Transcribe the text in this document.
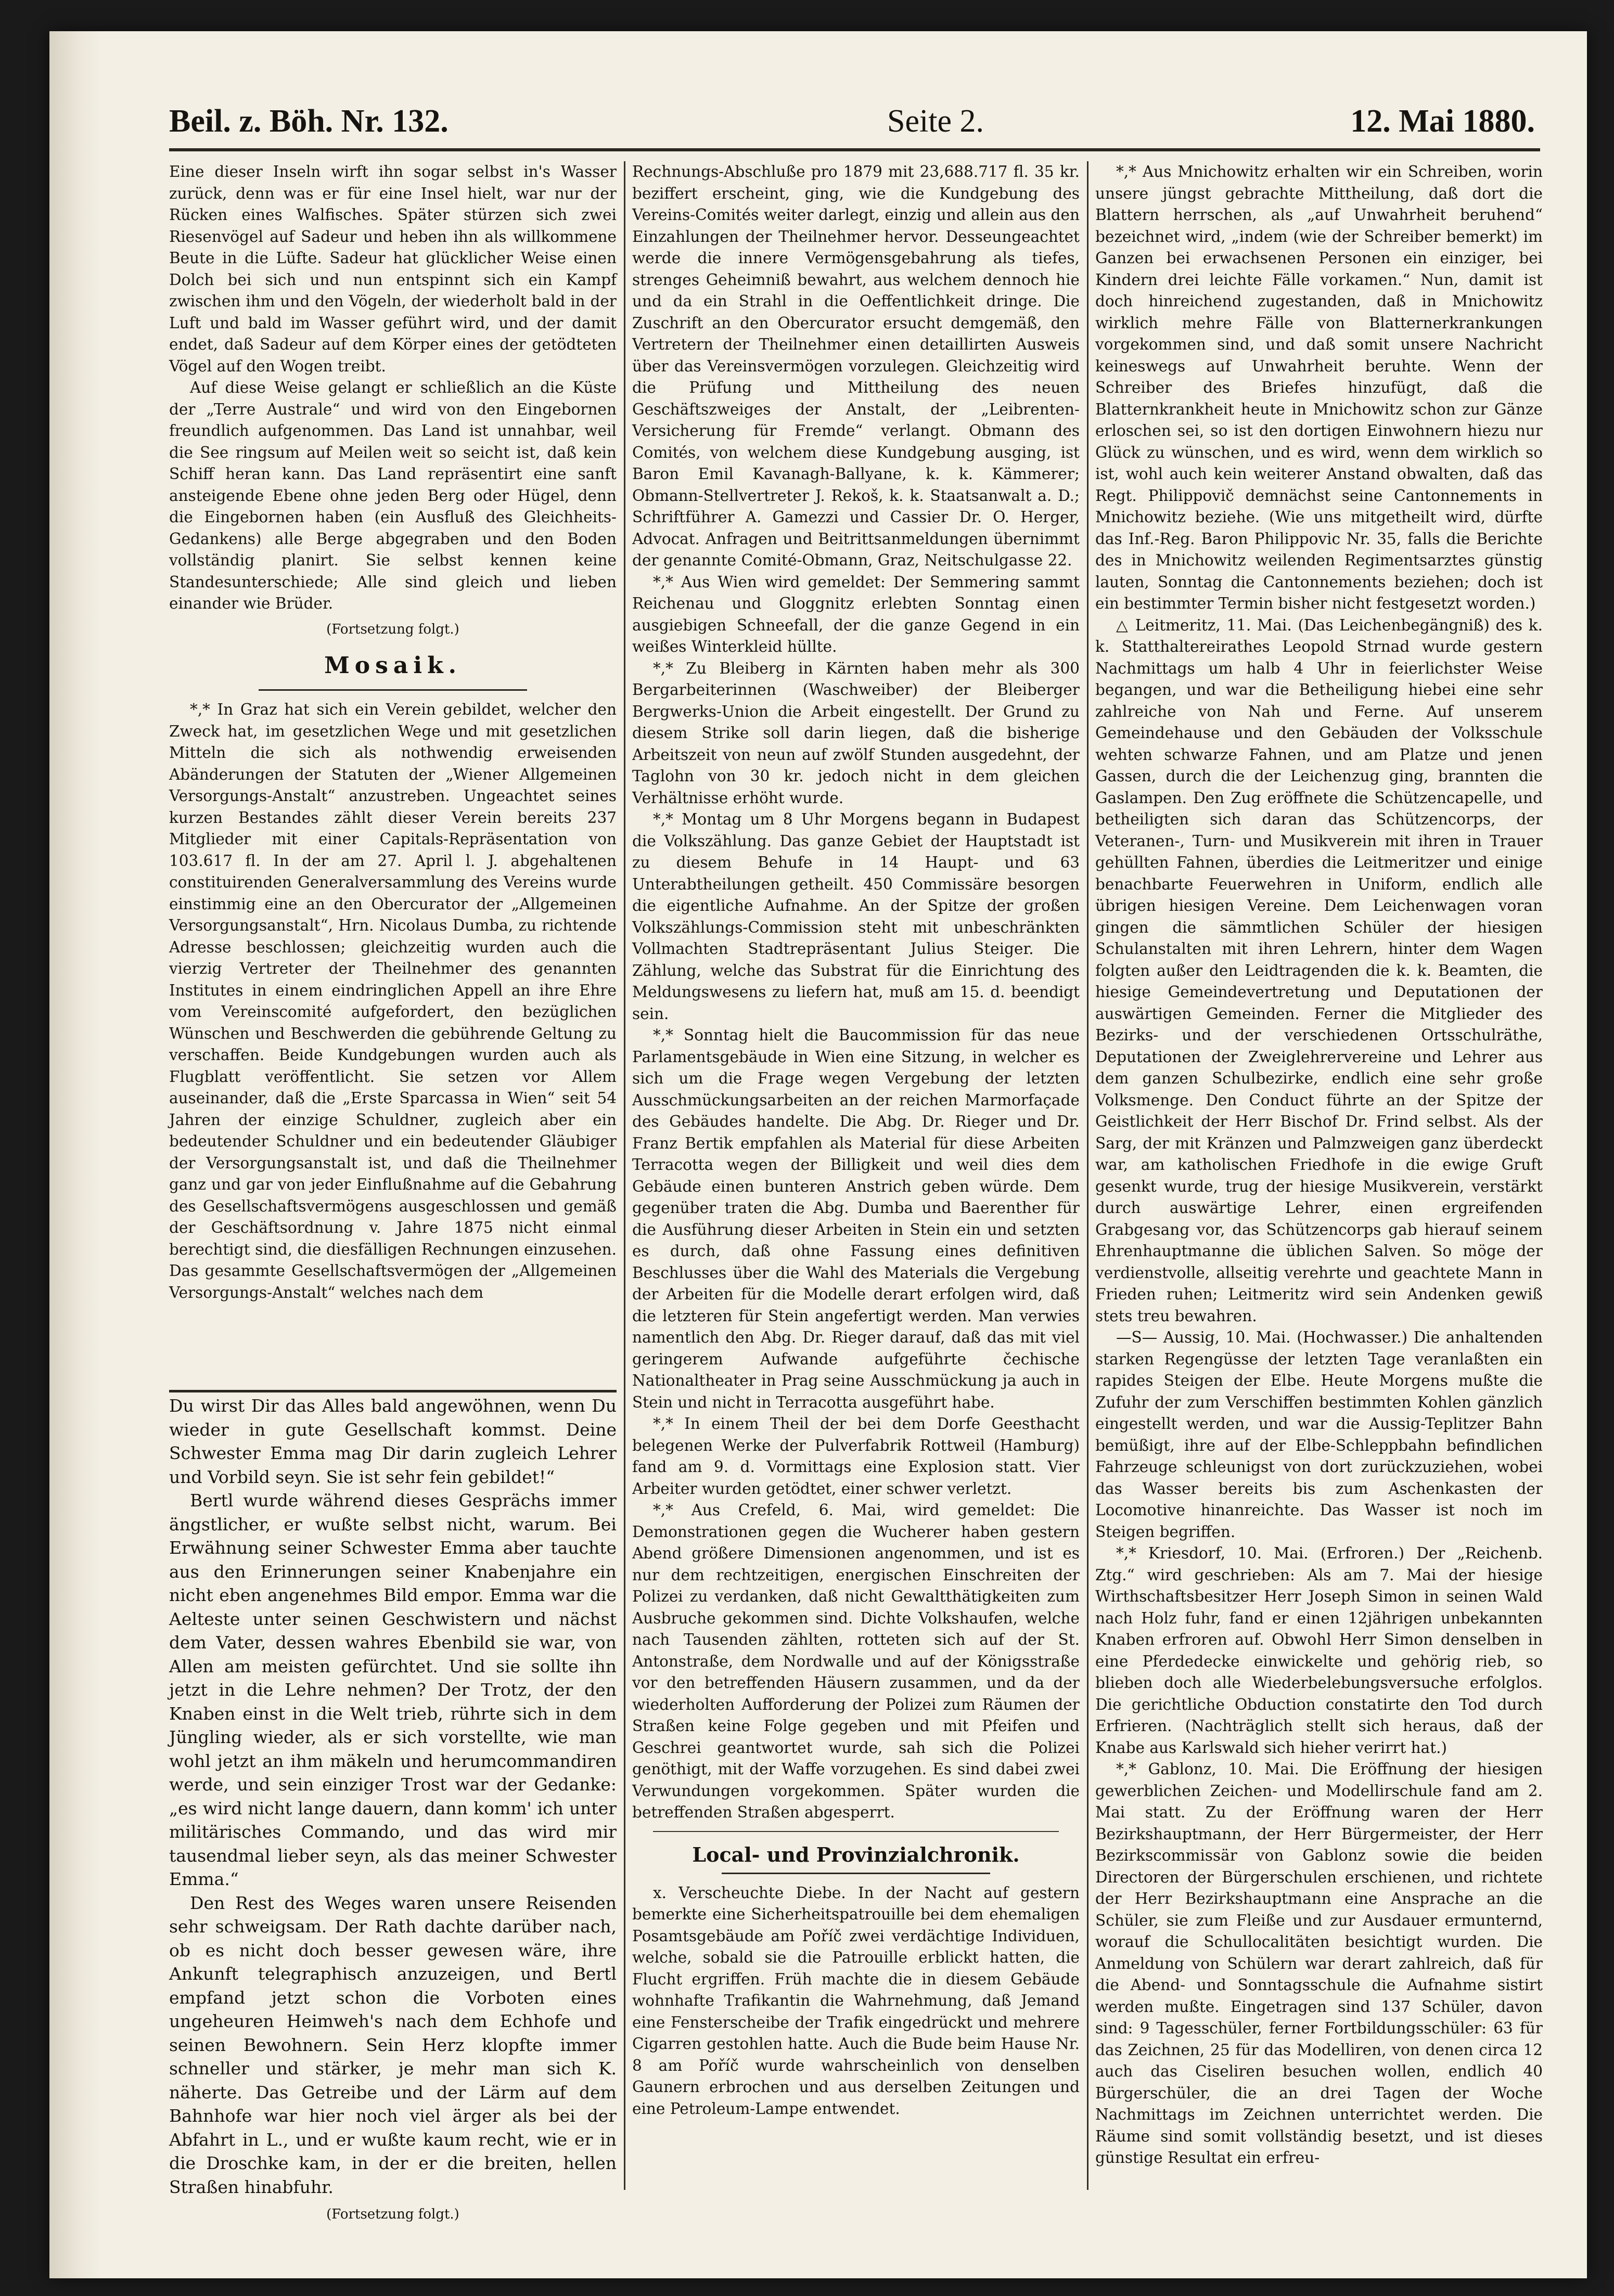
Beil. z. Böh. Nr. 132.	Seite 2.	12. Mai 1880.

Eine dieser Inseln wirft ihn sogar selbst in's Wasser zurück, denn was er für eine Insel hielt, war nur der Rücken eines Walfisches. Später stürzen sich zwei Riesenvögel auf Sadeur und heben ihn als willkommene Beute in die Lüfte. Sadeur hat glücklicher Weise einen Dolch bei sich und nun entspinnt sich ein Kampf zwischen ihm und den Vögeln, der wiederholt bald in der Luft und bald im Wasser geführt wird, und der damit endet, daß Sadeur auf dem Körper eines der getödteten Vögel auf den Wogen treibt.

Auf diese Weise gelangt er schließlich an die Küste der „Terre Australe“ und wird von den Eingebornen freundlich aufgenommen. Das Land ist unnahbar, weil die See ringsum auf Meilen weit so seicht ist, daß kein Schiff heran kann. Das Land repräsentirt eine sanft ansteigende Ebene ohne jeden Berg oder Hügel, denn die Eingebornen haben (ein Ausfluß des Gleichheits-Gedankens) alle Berge abgegraben und den Boden vollständig planirt. Sie selbst kennen keine Standesunterschiede; Alle sind gleich und lieben einander wie Brüder.

(Fortsetzung folgt.)

Mosaik.

*,* In Graz hat sich ein Verein gebildet, welcher den Zweck hat, im gesetzlichen Wege und mit gesetzlichen Mitteln die sich als nothwendig erweisenden Abänderungen der Statuten der „Wiener Allgemeinen Versorgungs-Anstalt“ anzustreben. Ungeachtet seines kurzen Bestandes zählt dieser Verein bereits 237 Mitglieder mit einer Capitals-Repräsentation von 103.617 fl. In der am 27. April l. J. abgehaltenen constituirenden Generalversammlung des Vereins wurde einstimmig eine an den Obercurator der „Allgemeinen Versorgungsanstalt“, Hrn. Nicolaus Dumba, zu richtende Adresse beschlossen; gleichzeitig wurden auch die vierzig Vertreter der Theilnehmer des genannten Institutes in einem eindringlichen Appell an ihre Ehre vom Vereinscomité aufgefordert, den bezüglichen Wünschen und Beschwerden die gebührende Geltung zu verschaffen. Beide Kundgebungen wurden auch als Flugblatt veröffentlicht. Sie setzen vor Allem auseinander, daß die „Erste Sparcassa in Wien“ seit 54 Jahren der einzige Schuldner, zugleich aber ein bedeutender Schuldner und ein bedeutender Gläubiger der Versorgungsanstalt ist, und daß die Theilnehmer ganz und gar von jeder Einflußnahme auf die Gebahrung des Gesellschaftsvermögens ausgeschlossen und gemäß der Geschäftsordnung v. Jahre 1875 nicht einmal berechtigt sind, die diesfälligen Rechnungen einzusehen. Das gesammte Gesellschaftsvermögen der „Allgemeinen Versorgungs-Anstalt“ welches nach dem

Du wirst Dir das Alles bald angewöhnen, wenn Du wieder in gute Gesellschaft kommst. Deine Schwester Emma mag Dir darin zugleich Lehrer und Vorbild seyn. Sie ist sehr fein gebildet!“

Bertl wurde während dieses Gesprächs immer ängstlicher, er wußte selbst nicht, warum. Bei Erwähnung seiner Schwester Emma aber tauchte aus den Erinnerungen seiner Knabenjahre ein nicht eben angenehmes Bild empor. Emma war die Aelteste unter seinen Geschwistern und nächst dem Vater, dessen wahres Ebenbild sie war, von Allen am meisten gefürchtet. Und sie sollte ihn jetzt in die Lehre nehmen? Der Trotz, der den Knaben einst in die Welt trieb, rührte sich in dem Jüngling wieder, als er sich vorstellte, wie man wohl jetzt an ihm mäkeln und herumcommandiren werde, und sein einziger Trost war der Gedanke: „es wird nicht lange dauern, dann komm' ich unter militärisches Commando, und das wird mir tausendmal lieber seyn, als das meiner Schwester Emma.“

Den Rest des Weges waren unsere Reisenden sehr schweigsam. Der Rath dachte darüber nach, ob es nicht doch besser gewesen wäre, ihre Ankunft telegraphisch anzuzeigen, und Bertl empfand jetzt schon die Vorboten eines ungeheuren Heimweh's nach dem Echhofe und seinen Bewohnern. Sein Herz klopfte immer schneller und stärker, je mehr man sich K. näherte. Das Getreibe und der Lärm auf dem Bahnhofe war hier noch viel ärger als bei der Abfahrt in L., und er wußte kaum recht, wie er in die Droschke kam, in der er die breiten, hellen Straßen hinabfuhr.

(Fortsetzung folgt.)

Rechnungs-Abschluße pro 1879 mit 23,688.717 fl. 35 kr. beziffert erscheint, ging, wie die Kundgebung des Vereins-Comités weiter darlegt, einzig und allein aus den Einzahlungen der Theilnehmer hervor. Desseungeachtet werde die innere Vermögensgebahrung als tiefes, strenges Geheimniß bewahrt, aus welchem dennoch hie und da ein Strahl in die Oeffentlichkeit dringe. Die Zuschrift an den Obercurator ersucht demgemäß, den Vertretern der Theilnehmer einen detaillirten Ausweis über das Vereinsvermögen vorzulegen. Gleichzeitig wird die Prüfung und Mittheilung des neuen Geschäftszweiges der Anstalt, der „Leibrenten-Versicherung für Fremde“ verlangt. Obmann des Comités, von welchem diese Kundgebung ausging, ist Baron Emil Kavanagh-Ballyane, k. k. Kämmerer; Obmann-Stellvertreter J. Rekoš, k. k. Staatsanwalt a. D.; Schriftführer A. Gamezzi und Cassier Dr. O. Herger, Advocat. Anfragen und Beitrittsanmeldungen übernimmt der genannte Comité-Obmann, Graz, Neitschulgasse 22.

*,* Aus Wien wird gemeldet: Der Semmering sammt Reichenau und Gloggnitz erlebten Sonntag einen ausgiebigen Schneefall, der die ganze Gegend in ein weißes Winterkleid hüllte.

*,* Zu Bleiberg in Kärnten haben mehr als 300 Bergarbeiterinnen (Waschweiber) der Bleiberger Bergwerks-Union die Arbeit eingestellt. Der Grund zu diesem Strike soll darin liegen, daß die bisherige Arbeitszeit von neun auf zwölf Stunden ausgedehnt, der Taglohn von 30 kr. jedoch nicht in dem gleichen Verhältnisse erhöht wurde.

*,* Montag um 8 Uhr Morgens begann in Budapest die Volkszählung. Das ganze Gebiet der Hauptstadt ist zu diesem Behufe in 14 Haupt- und 63 Unterabtheilungen getheilt. 450 Commissäre besorgen die eigentliche Aufnahme. An der Spitze der großen Volkszählungs-Commission steht mit unbeschränkten Vollmachten Stadtrepräsentant Julius Steiger. Die Zählung, welche das Substrat für die Einrichtung des Meldungswesens zu liefern hat, muß am 15. d. beendigt sein.

*,* Sonntag hielt die Baucommission für das neue Parlamentsgebäude in Wien eine Sitzung, in welcher es sich um die Frage wegen Vergebung der letzten Ausschmückungsarbeiten an der reichen Marmorfaçade des Gebäudes handelte. Die Abg. Dr. Rieger und Dr. Franz Bertik empfahlen als Material für diese Arbeiten Terracotta wegen der Billigkeit und weil dies dem Gebäude einen bunteren Anstrich geben würde. Dem gegenüber traten die Abg. Dumba und Baerenther für die Ausführung dieser Arbeiten in Stein ein und setzten es durch, daß ohne Fassung eines definitiven Beschlusses über die Wahl des Materials die Vergebung der Arbeiten für die Modelle derart erfolgen wird, daß die letzteren für Stein angefertigt werden. Man verwies namentlich den Abg. Dr. Rieger darauf, daß das mit viel geringerem Aufwande aufgeführte čechische Nationaltheater in Prag seine Ausschmückung ja auch in Stein und nicht in Terracotta ausgeführt habe.

*,* In einem Theil der bei dem Dorfe Geesthacht belegenen Werke der Pulverfabrik Rottweil (Hamburg) fand am 9. d. Vormittags eine Explosion statt. Vier Arbeiter wurden getödtet, einer schwer verletzt.

*,* Aus Crefeld, 6. Mai, wird gemeldet: Die Demonstrationen gegen die Wucherer haben gestern Abend größere Dimensionen angenommen, und ist es nur dem rechtzeitigen, energischen Einschreiten der Polizei zu verdanken, daß nicht Gewaltthätigkeiten zum Ausbruche gekommen sind. Dichte Volkshaufen, welche nach Tausenden zählten, rotteten sich auf der St. Antonstraße, dem Nordwalle und auf der Königsstraße vor den betreffenden Häusern zusammen, und da der wiederholten Aufforderung der Polizei zum Räumen der Straßen keine Folge gegeben und mit Pfeifen und Geschrei geantwortet wurde, sah sich die Polizei genöthigt, mit der Waffe vorzugehen. Es sind dabei zwei Verwundungen vorgekommen. Später wurden die betreffenden Straßen abgesperrt.

Local- und Provinzialchronik.

x. Verscheuchte Diebe. In der Nacht auf gestern bemerkte eine Sicherheitspatrouille bei dem ehemaligen Posamtsgebäude am Poříč zwei verdächtige Individuen, welche, sobald sie die Patrouille erblickt hatten, die Flucht ergriffen. Früh machte die in diesem Gebäude wohnhafte Trafikantin die Wahrnehmung, daß Jemand eine Fensterscheibe der Trafik eingedrückt und mehrere Cigarren gestohlen hatte. Auch die Bude beim Hause Nr. 8 am Poříč wurde wahrscheinlich von denselben Gaunern erbrochen und aus derselben Zeitungen und eine Petroleum-Lampe entwendet.

*,* Aus Mnichowitz erhalten wir ein Schreiben, worin unsere jüngst gebrachte Mittheilung, daß dort die Blattern herrschen, als „auf Unwahrheit beruhend“ bezeichnet wird, „indem (wie der Schreiber bemerkt) im Ganzen bei erwachsenen Personen ein einziger, bei Kindern drei leichte Fälle vorkamen.“ Nun, damit ist doch hinreichend zugestanden, daß in Mnichowitz wirklich mehre Fälle von Blatternerkrankungen vorgekommen sind, und daß somit unsere Nachricht keineswegs auf Unwahrheit beruhte. Wenn der Schreiber des Briefes hinzufügt, daß die Blatternkrankheit heute in Mnichowitz schon zur Gänze erloschen sei, so ist den dortigen Einwohnern hiezu nur Glück zu wünschen, und es wird, wenn dem wirklich so ist, wohl auch kein weiterer Anstand obwalten, daß das Regt. Philippovič demnächst seine Cantonnements in Mnichowitz beziehe. (Wie uns mitgetheilt wird, dürfte das Inf.-Reg. Baron Philippovic Nr. 35, falls die Berichte des in Mnichowitz weilenden Regimentsarztes günstig lauten, Sonntag die Cantonnements beziehen; doch ist ein bestimmter Termin bisher nicht festgesetzt worden.)

△ Leitmeritz, 11. Mai. (Das Leichenbegängniß) des k. k. Statthaltereirathes Leopold Strnad wurde gestern Nachmittags um halb 4 Uhr in feierlichster Weise begangen, und war die Betheiligung hiebei eine sehr zahlreiche von Nah und Ferne. Auf unserem Gemeindehause und den Gebäuden der Volksschule wehten schwarze Fahnen, und am Platze und jenen Gassen, durch die der Leichenzug ging, brannten die Gaslampen. Den Zug eröffnete die Schützencapelle, und betheiligten sich daran das Schützencorps, der Veteranen-, Turn- und Musikverein mit ihren in Trauer gehüllten Fahnen, überdies die Leitmeritzer und einige benachbarte Feuerwehren in Uniform, endlich alle übrigen hiesigen Vereine. Dem Leichenwagen voran gingen die sämmtlichen Schüler der hiesigen Schulanstalten mit ihren Lehrern, hinter dem Wagen folgten außer den Leidtragenden die k. k. Beamten, die hiesige Gemeindevertretung und Deputationen der auswärtigen Gemeinden. Ferner die Mitglieder des Bezirks- und der verschiedenen Ortsschulräthe, Deputationen der Zweiglehrervereine und Lehrer aus dem ganzen Schulbezirke, endlich eine sehr große Volksmenge. Den Conduct führte an der Spitze der Geistlichkeit der Herr Bischof Dr. Frind selbst. Als der Sarg, der mit Kränzen und Palmzweigen ganz überdeckt war, am katholischen Friedhofe in die ewige Gruft gesenkt wurde, trug der hiesige Musikverein, verstärkt durch auswärtige Lehrer, einen ergreifenden Grabgesang vor, das Schützencorps gab hierauf seinem Ehrenhauptmanne die üblichen Salven. So möge der verdienstvolle, allseitig verehrte und geachtete Mann in Frieden ruhen; Leitmeritz wird sein Andenken gewiß stets treu bewahren.

—S— Aussig, 10. Mai. (Hochwasser.) Die anhaltenden starken Regengüsse der letzten Tage veranlaßten ein rapides Steigen der Elbe. Heute Morgens mußte die Zufuhr der zum Verschiffen bestimmten Kohlen gänzlich eingestellt werden, und war die Aussig-Teplitzer Bahn bemüßigt, ihre auf der Elbe-Schleppbahn befindlichen Fahrzeuge schleunigst von dort zurückzuziehen, wobei das Wasser bereits bis zum Aschenkasten der Locomotive hinanreichte. Das Wasser ist noch im Steigen begriffen.

*,* Kriesdorf, 10. Mai. (Erfroren.) Der „Reichenb. Ztg.“ wird geschrieben: Als am 7. Mai der hiesige Wirthschaftsbesitzer Herr Joseph Simon in seinen Wald nach Holz fuhr, fand er einen 12jährigen unbekannten Knaben erfroren auf. Obwohl Herr Simon denselben in eine Pferdedecke einwickelte und gehörig rieb, so blieben doch alle Wiederbelebungsversuche erfolglos. Die gerichtliche Obduction constatirte den Tod durch Erfrieren. (Nachträglich stellt sich heraus, daß der Knabe aus Karlswald sich hieher verirrt hat.)

*,* Gablonz, 10. Mai. Die Eröffnung der hiesigen gewerblichen Zeichen- und Modellirschule fand am 2. Mai statt. Zu der Eröffnung waren der Herr Bezirkshauptmann, der Herr Bürgermeister, der Herr Bezirkscommissär von Gablonz sowie die beiden Directoren der Bürgerschulen erschienen, und richtete der Herr Bezirkshauptmann eine Ansprache an die Schüler, sie zum Fleiße und zur Ausdauer ermunternd, worauf die Schullocalitäten besichtigt wurden. Die Anmeldung von Schülern war derart zahlreich, daß für die Abend- und Sonntagsschule die Aufnahme sistirt werden mußte. Eingetragen sind 137 Schüler, davon sind: 9 Tagesschüler, ferner Fortbildungsschüler: 63 für das Zeichnen, 25 für das Modelliren, von denen circa 12 auch das Ciseliren besuchen wollen, endlich 40 Bürgerschüler, die an drei Tagen der Woche Nachmittags im Zeichnen unterrichtet werden. Die Räume sind somit vollständig besetzt, und ist dieses günstige Resultat ein erfreu-
